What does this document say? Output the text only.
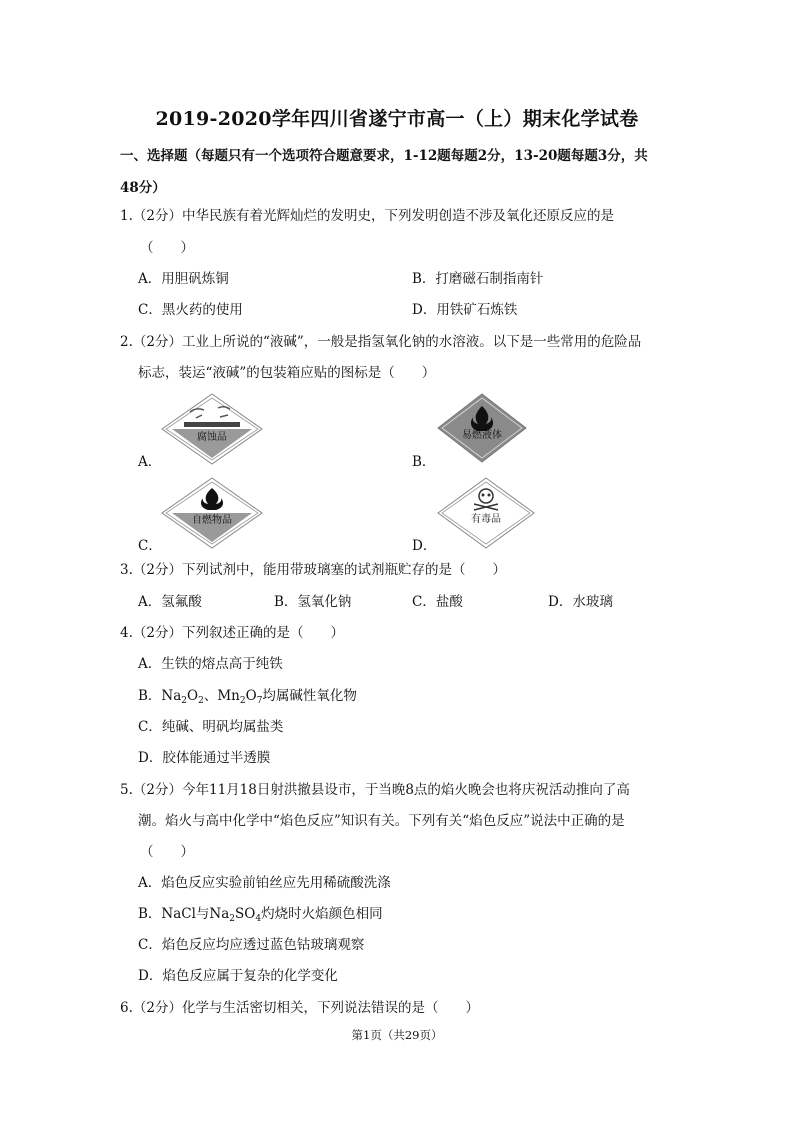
2019-2020学年四川省遂宁市高一（上）期末化学试卷
一、选择题（每题只有一个选项符合题意要求，1-12题每题2分，13-20题每题3分，共
48分）
1.（2分）中华民族有着光辉灿烂的发明史，下列发明创造不涉及氧化还原反应的是
（　　）
A．用胆矾炼铜	B．打磨磁石制指南针
C．黑火药的使用	D．用铁矿石炼铁
2.（2分）工业上所说的“液碱”，一般是指氢氧化钠的水溶液。以下是一些常用的危险品
标志，装运“液碱”的包装箱应贴的图标是（　　）
A．
腐蚀品
B．
易燃液体
C．
自燃物品
D．
有毒品
3.（2分）下列试剂中，能用带玻璃塞的试剂瓶贮存的是（　　）
A．氢氟酸	B．氢氧化钠	C．盐酸	D．水玻璃
4.（2分）下列叙述正确的是（　　）
A．生铁的熔点高于纯铁
B．$Na_2O_2$、$Mn_2O_7$均属碱性氧化物
C．纯碱、明矾均属盐类
D．胶体能通过半透膜
5.（2分）今年11月18日射洪撤县设市，于当晚8点的焰火晚会也将庆祝活动推向了高
潮。焰火与高中化学中“焰色反应”知识有关。下列有关“焰色反应”说法中正确的是
（　　）
A．焰色反应实验前铂丝应先用稀硫酸洗涤
B．NaCl与$Na_2SO_4$灼烧时火焰颜色相同
C．焰色反应均应透过蓝色钴玻璃观察
D．焰色反应属于复杂的化学变化
6.（2分）化学与生活密切相关，下列说法错误的是（　　）
第1页（共29页）
